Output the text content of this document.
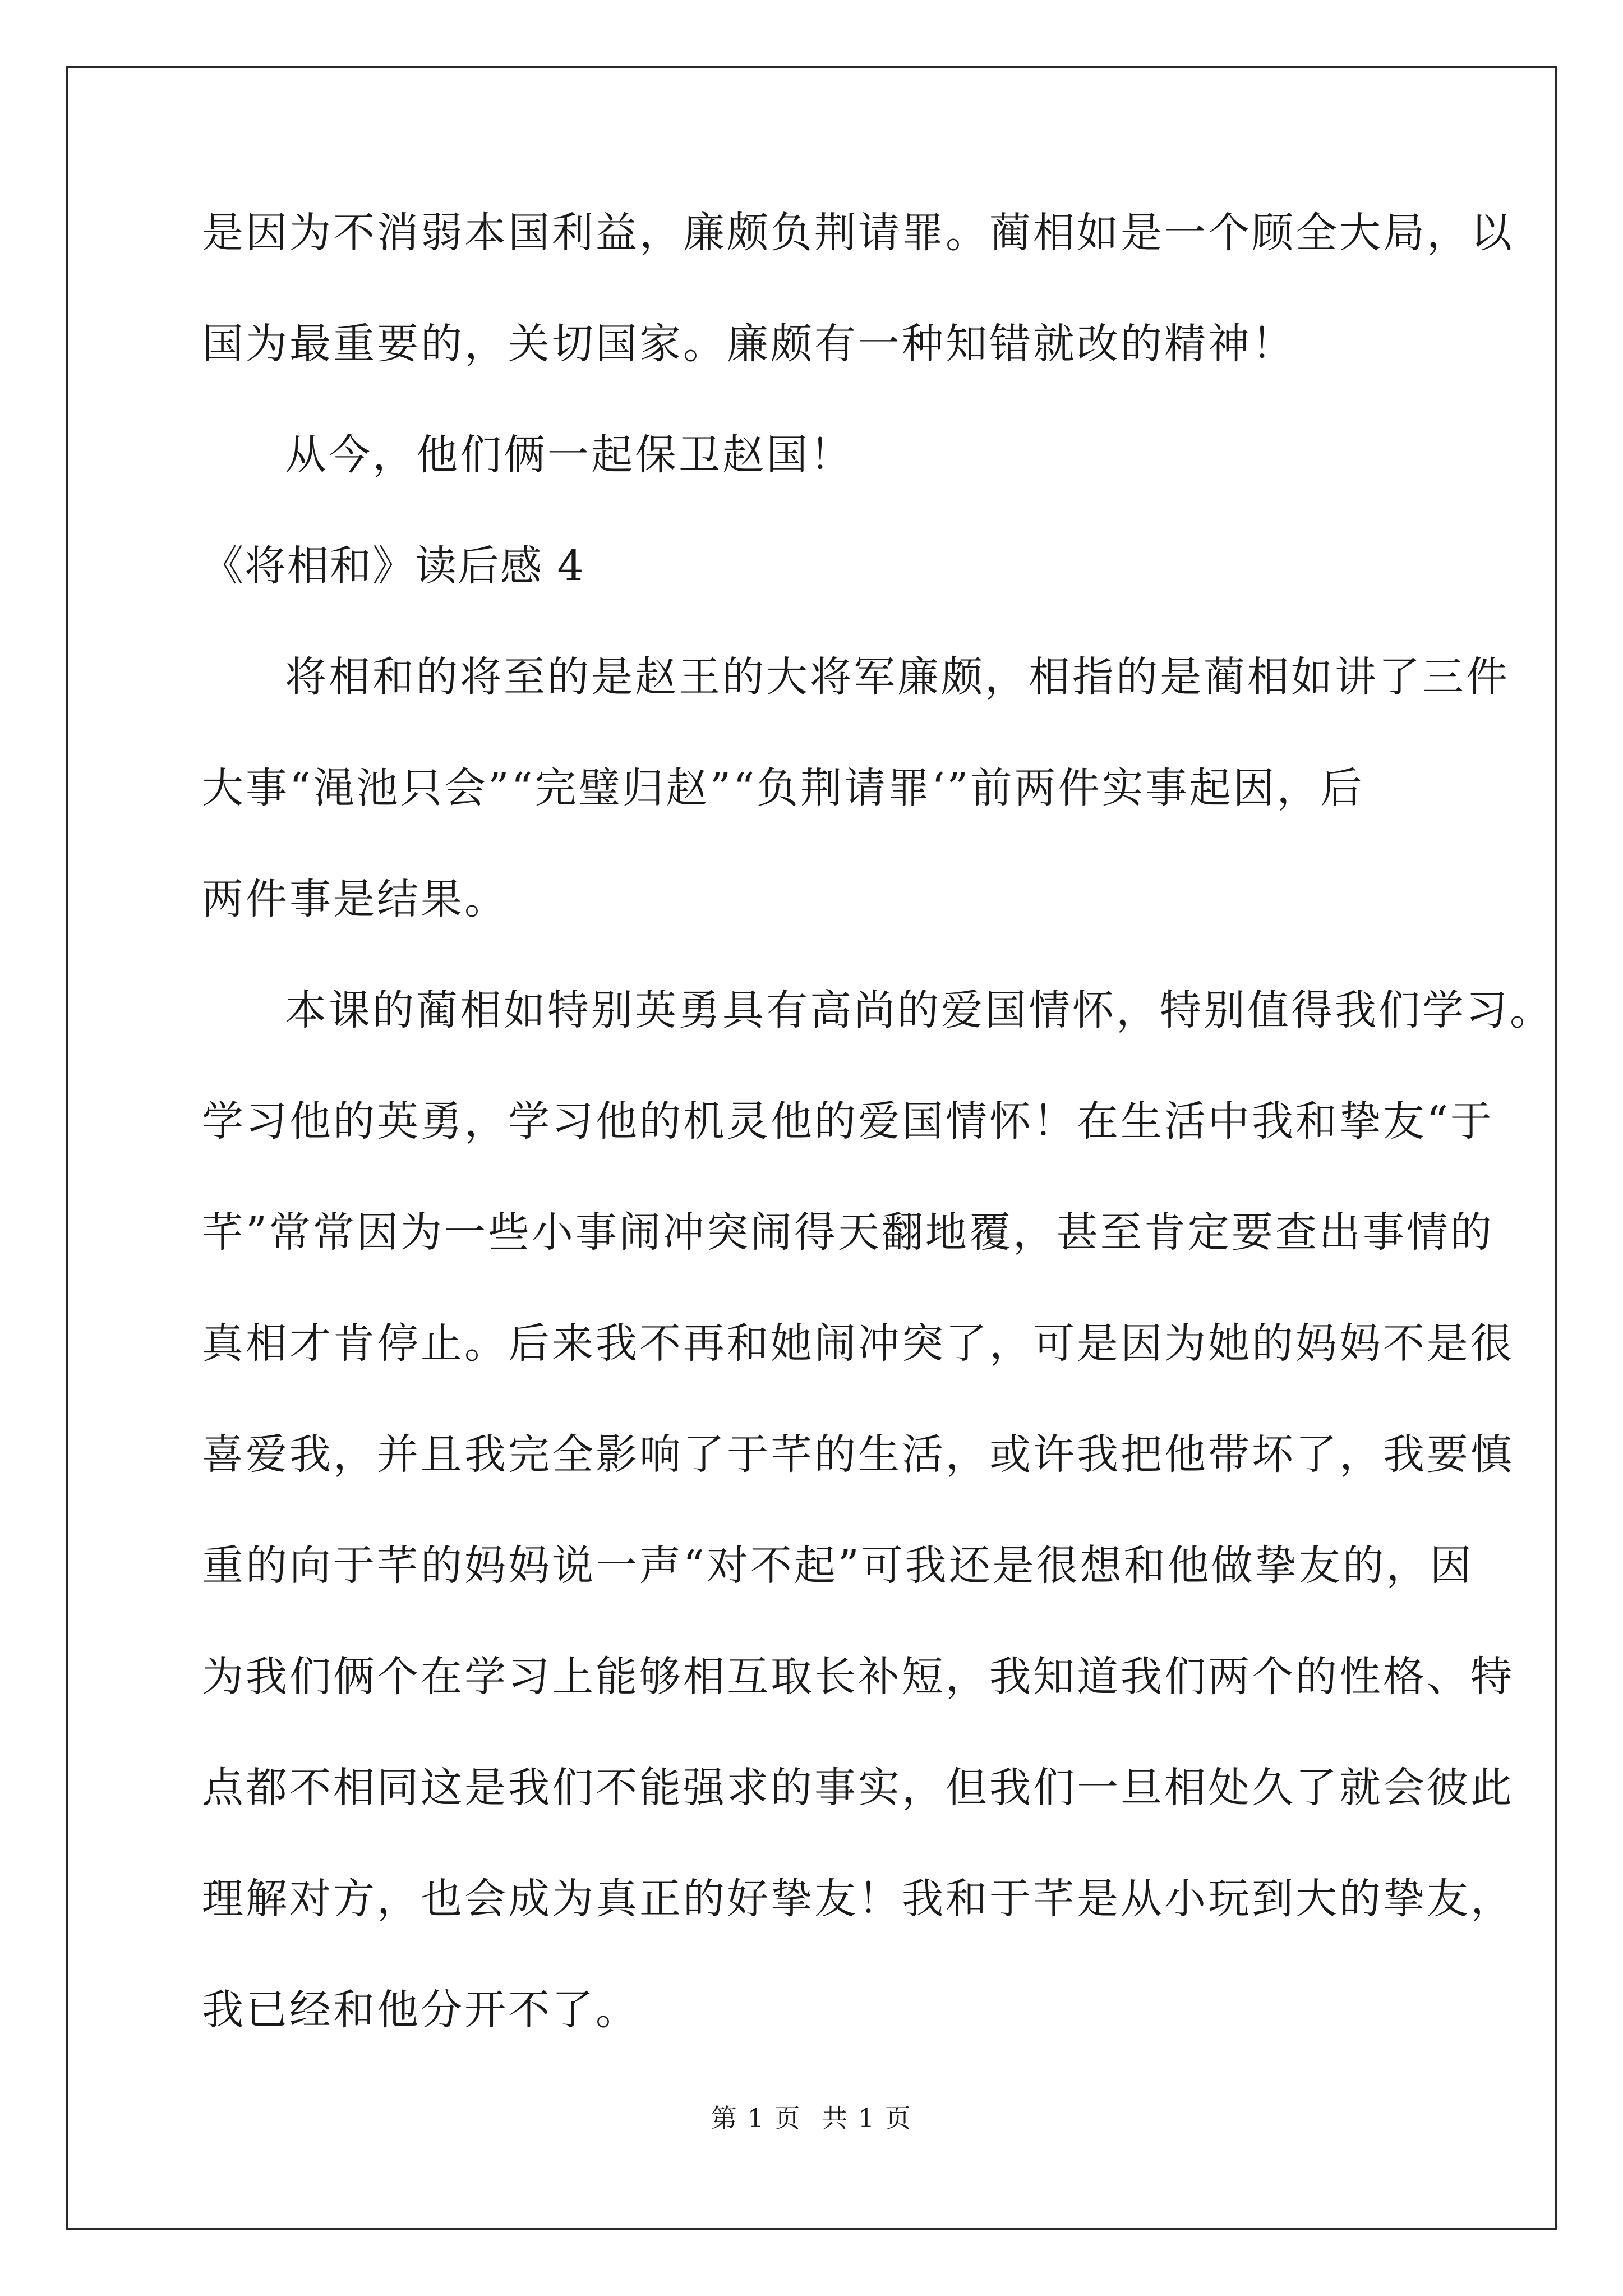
是因为不消弱本国利益，廉颇负荆请罪。蔺相如是一个顾全大局，以
国为最重要的，关切国家。廉颇有一种知错就改的精神！
从今，他们俩一起保卫赵国！
《将相和》读后感 4
将相和的将至的是赵王的大将军廉颇，相指的是蔺相如讲了三件
大事“渑池只会”“完璧归赵”“负荆请罪‘”前两件实事起因，后
两件事是结果。
本课的蔺相如特别英勇具有高尚的爱国情怀，特别值得我们学习。
学习他的英勇，学习他的机灵他的爱国情怀！在生活中我和挚友“于
芊”常常因为一些小事闹冲突闹得天翻地覆，甚至肯定要查出事情的
真相才肯停止。后来我不再和她闹冲突了，可是因为她的妈妈不是很
喜爱我，并且我完全影响了于芊的生活，或许我把他带坏了，我要慎
重的向于芊的妈妈说一声“对不起”可我还是很想和他做挚友的，因
为我们俩个在学习上能够相互取长补短，我知道我们两个的性格、特
点都不相同这是我们不能强求的事实，但我们一旦相处久了就会彼此
理解对方，也会成为真正的好挚友！我和于芊是从小玩到大的挚友，
我已经和他分开不了。
第 1 页 共 1 页
